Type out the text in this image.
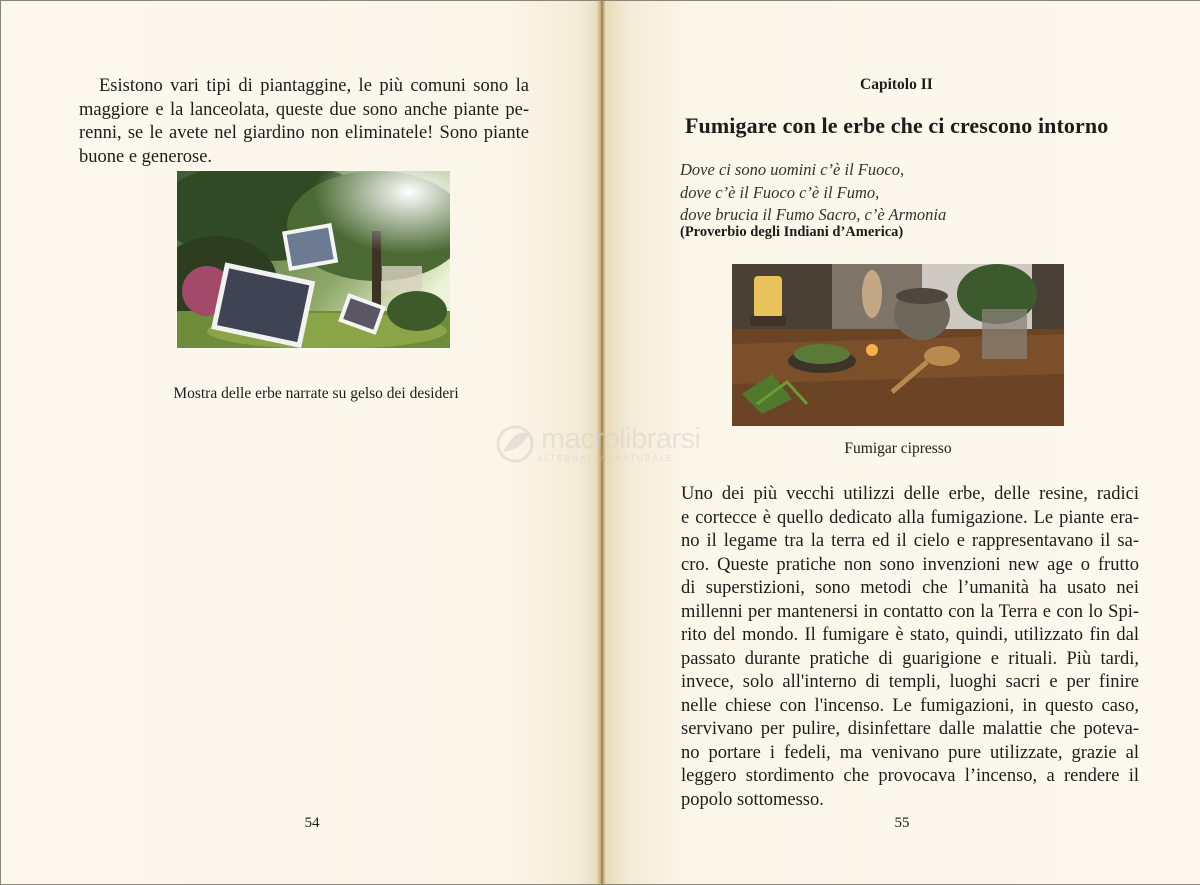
Esistono vari tipi di piantaggine, le più comuni sono la
maggiore e la lanceolata, queste due sono anche piante pe-
renni, se le avete nel giardino non eliminatele! Sono piante
buone e generose.

Mostra delle erbe narrate su gelso dei desideri

54
Capitolo II
Fumigare con le erbe che ci crescono intorno
Dove ci sono uomini c’è il Fuoco,
dove c’è il Fuoco c’è il Fumo,
dove brucia il Fumo Sacro, c’è Armonia
(Proverbio degli Indiani d’America)

Fumigar cipresso

Uno dei più vecchi utilizzi delle erbe, delle resine, radici
e cortecce è quello dedicato alla fumigazione. Le piante era-
no il legame tra la terra ed il cielo e rappresentavano il sa-
cro. Queste pratiche non sono invenzioni new age o frutto
di superstizioni, sono metodi che l’umanità ha usato nei
millenni per mantenersi in contatto con la Terra e con lo Spi-
rito del mondo. Il fumigare è stato, quindi, utilizzato fin dal
passato durante pratiche di guarigione e rituali. Più tardi,
invece, solo all'interno di templi, luoghi sacri e per finire
nelle chiese con l'incenso. Le fumigazioni, in questo caso,
servivano per pulire, disinfettare dalle malattie che poteva-
no portare i fedeli, ma venivano pure utilizzate, grazie al
leggero stordimento che provocava l’incenso, a rendere il
popolo sottomesso.
55
macrolibrarsi
ALTERNATIVA NATURALE
